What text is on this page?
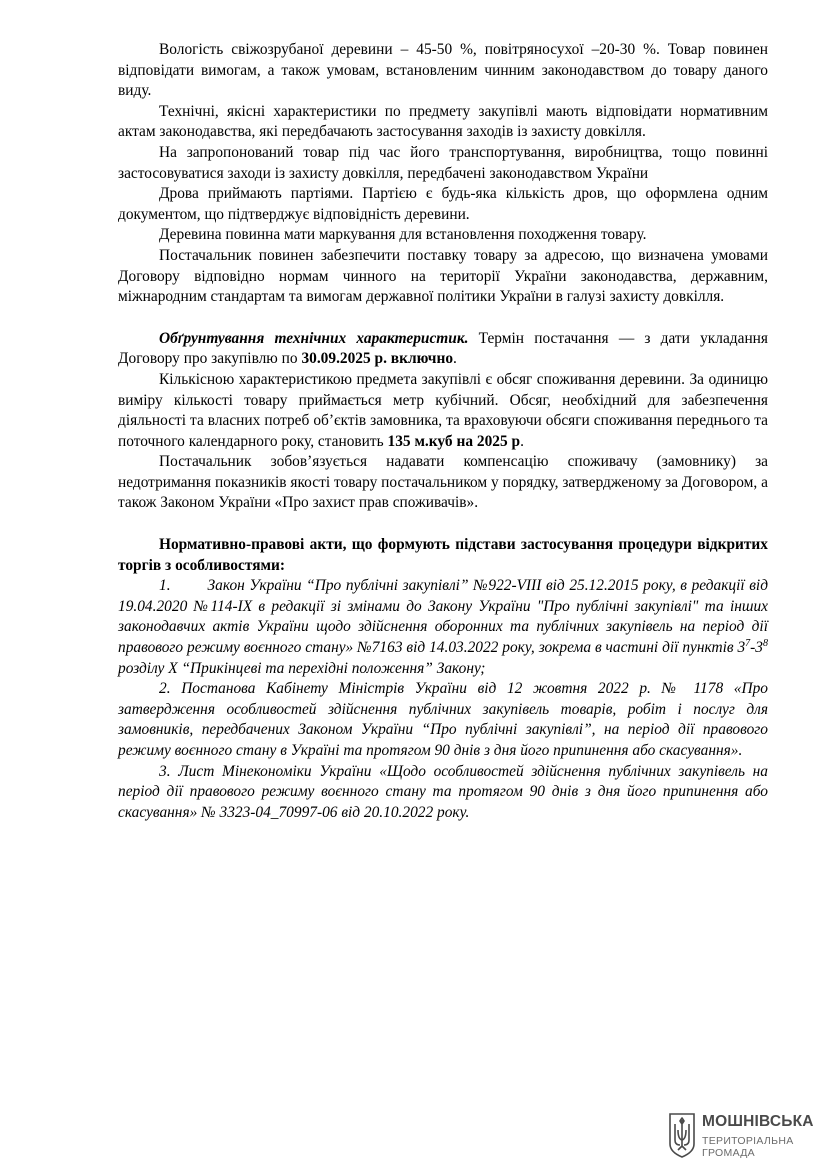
Вологість свіжозрубаної деревини – 45-50 %, повітряносухої –20-30 %. Товар повинен відповідати вимогам, а також умовам, встановленим чинним законодавством до товару даного виду.

Технічні, якісні характеристики по предмету закупівлі мають відповідати нормативним актам законодавства, які передбачають застосування заходів із захисту довкілля.

На запропонований товар під час його транспортування, виробництва, тощо повинні застосовуватися заходи із захисту довкілля, передбачені законодавством України

Дрова приймають партіями. Партією є будь-яка кількість дров, що оформлена одним документом, що підтверджує відповідність деревини.

Деревина повинна мати маркування для встановлення походження товару.

Постачальник повинен забезпечити поставку товару за адресою, що визначена умовами Договору відповідно нормам чинного на території України законодавства, державним, міжнародним стандартам та вимогам державної політики України в галузі захисту довкілля.

Обґрунтування технічних характеристик. Термін постачання — з дати укладання Договору про закупівлю по 30.09.2025 р. включно.

Кількісною характеристикою предмета закупівлі є обсяг споживання деревини. За одиницю виміру кількості товару приймається метр кубічний. Обсяг, необхідний для забезпечення діяльності та власних потреб об’єктів замовника, та враховуючи обсяги споживання переднього та поточного календарного року, становить 135 м.куб на 2025 р.

Постачальник зобов’язується надавати компенсацію споживачу (замовнику) за недотримання показників якості товару постачальником у порядку, затвердженому за Договором, а також Законом України «Про захист прав споживачів».

Нормативно-правові акти, що формують підстави застосування процедури відкритих торгів з особливостями:

1. Закон України “Про публічні закупівлі” №922-VIII від 25.12.2015 року, в редакції від 19.04.2020 №114-IX в редакції зі змінами до Закону України "Про публічні закупівлі" та інших законодавчих актів України щодо здійснення оборонних та публічних закупівель на період дії правового режиму воєнного стану» №7163 від 14.03.2022 року, зокрема в частині дії пунктів $3^7-3^8$ розділу X “Прикінцеві та перехідні положення” Закону;

2. Постанова Кабінету Міністрів України від 12 жовтня 2022 р. № 1178 «Про затвердження особливостей здійснення публічних закупівель товарів, робіт і послуг для замовників, передбачених Законом України “Про публічні закупівлі”, на період дії правового режиму воєнного стану в Україні та протягом 90 днів з дня його припинення або скасування».

3. Лист Мінекономіки України «Щодо особливостей здійснення публічних закупівель на період дії правового режиму воєнного стану та протягом 90 днів з дня його припинення або скасування» № 3323-04_70997-06 від 20.10.2022 року.

МОШНІВСЬКА
ТЕРИТОРІАЛЬНА
ГРОМАДА
